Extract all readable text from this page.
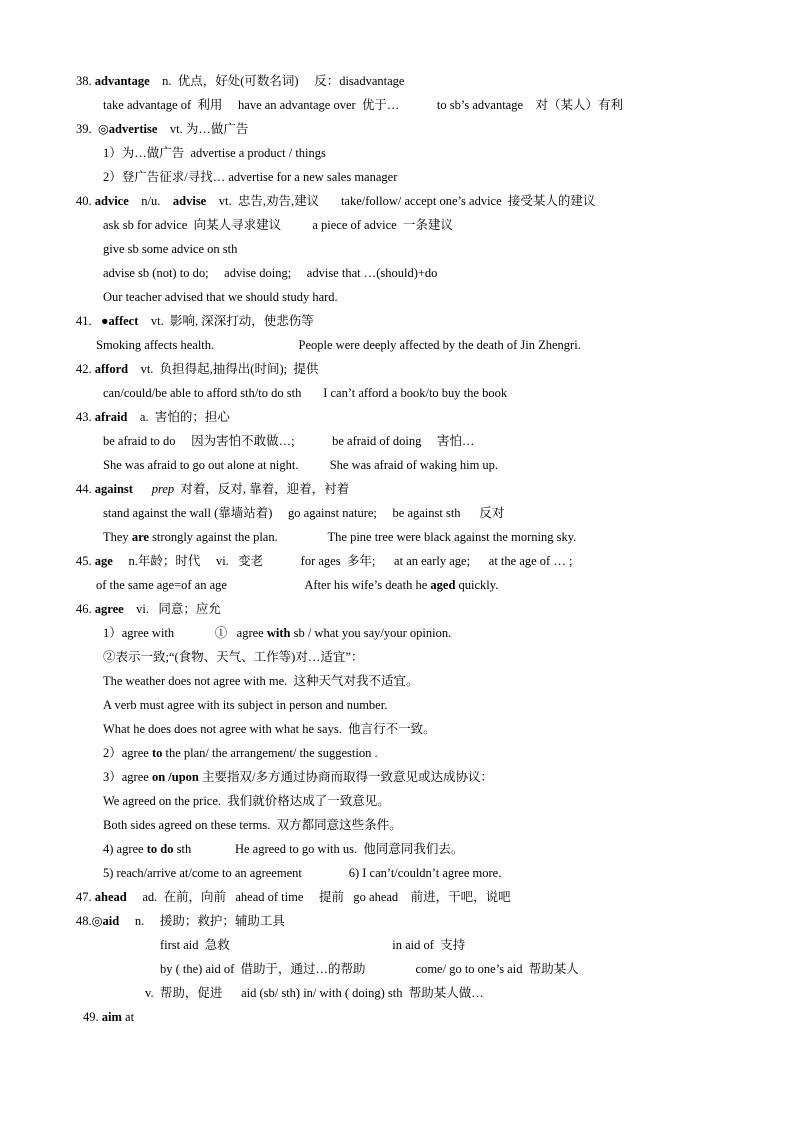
38. advantage    n.  优点，好处(可数名词)     反：disadvantage
take advantage of  利用     have an advantage over  优于…            to sb’s advantage    对（某人）有利
39.  ◎advertise    vt. 为…做广告
1）为…做广告  advertise a product / things
2）登广告征求/寻找… advertise for a new sales manager
40. advice    n/u.    advise    vt.  忠告,劝告,建议       take/follow/ accept one’s advice  接受某人的建议
ask sb for advice  向某人寻求建议          a piece of advice  一条建议
give sb some advice on sth
advise sb (not) to do;     advise doing;     advise that …(should)+do
Our teacher advised that we should study hard.
41.   ●affect    vt.  影响, 深深打动，使悲伤等
Smoking affects health.                           People were deeply affected by the death of Jin Zhengri.
42. afford    vt.  负担得起,抽得出(时间);  提供
can/could/be able to afford sth/to do sth       I can’t afford a book/to buy the book
43. afraid    a.  害怕的；担心
be afraid to do     因为害怕不敢做…;            be afraid of doing     害怕…
She was afraid to go out alone at night.          She was afraid of waking him up.
44. against prep  对着，反对, 靠着，迎着，衬着
stand against the wall (靠墙站着)     go against nature;     be against sth      反对
They are strongly against the plan.                The pine tree were black against the morning sky.
45. age     n.年龄；时代     vi.   变老            for ages  多年;      at an early age;      at the age of … ;
of the same age=of an age                         After his wife’s death he aged quickly.
46. agree    vi.   同意；应允
1）agree with             ①   agree with sb / what you say/your opinion.
②表示一致;“(食物、天气、工作等)对…适宜”：
The weather does not agree with me.  这种天气对我不适宜。
A verb must agree with its subject in person and number.
What he does does not agree with what he says.  他言行不一致。
2）agree to the plan/ the arrangement/ the suggestion .
3）agree on /upon 主要指双/多方通过协商而取得一致意见或达成协议：
We agreed on the price.  我们就价格达成了一致意见。
Both sides agreed on these terms.  双方都同意这些条件。
4) agree to do sth              He agreed to go with us.  他同意同我们去。
5) reach/arrive at/come to an agreement               6) I can’t/couldn’t agree more.
47. ahead     ad.  在前，向前   ahead of time     提前   go ahead    前进，干吧，说吧
48.◎aid     n.     援助；救护；辅助工具
first aid  急救                                                    in aid of  支持
by ( the) aid of  借助于，通过…的帮助                come/ go to one’s aid  帮助某人
v.  帮助，促进      aid (sb/ sth) in/ with ( doing) sth  帮助某人做…
49. aim at
